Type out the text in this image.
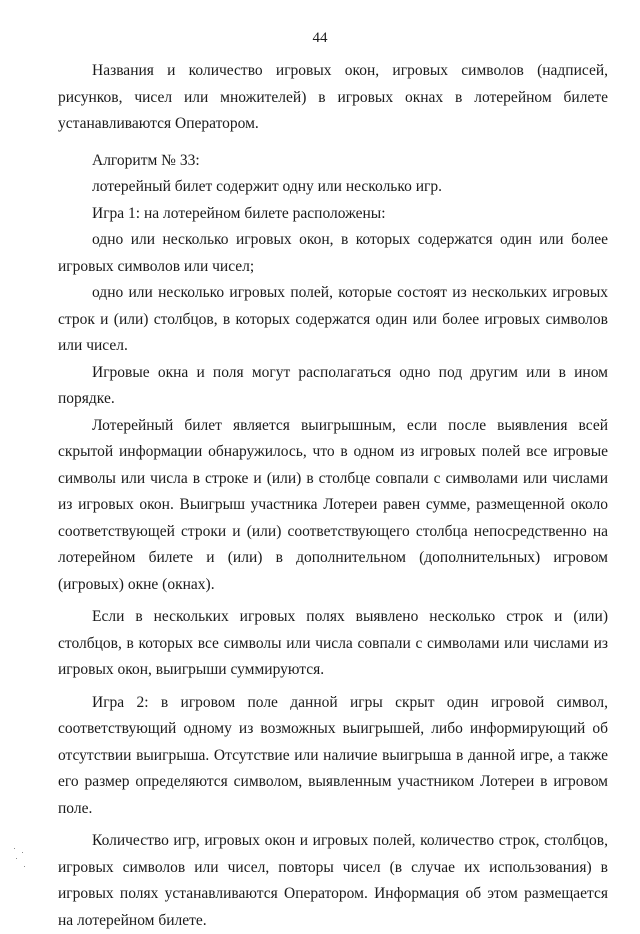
44

Названия и количество игровых окон, игровых символов (надписей, рисунков, чисел или множителей) в игровых окнах в лотерейном билете устанавливаются Оператором.

Алгоритм № 33:

лотерейный билет содержит одну или несколько игр.

Игра 1: на лотерейном билете расположены:

одно или несколько игровых окон, в которых содержатся один или более игровых символов или чисел;

одно или несколько игровых полей, которые состоят из нескольких игровых строк и (или) столбцов, в которых содержатся один или более игровых символов или чисел.

Игровые окна и поля могут располагаться одно под другим или в ином порядке.

Лотерейный билет является выигрышным, если после выявления всей скрытой информации обнаружилось, что в одном из игровых полей все игровые символы или числа в строке и (или) в столбце совпали с символами или числами из игровых окон. Выигрыш участника Лотереи равен сумме, размещенной около соответствующей строки и (или) соответствующего столбца непосредственно на лотерейном билете и (или) в дополнительном (дополнительных) игровом (игровых) окне (окнах).

Если в нескольких игровых полях выявлено несколько строк и (или) столбцов, в которых все символы или числа совпали с символами или числами из игровых окон, выигрыши суммируются.

Игра 2: в игровом поле данной игры скрыт один игровой символ, соответствующий одному из возможных выигрышей, либо информирующий об отсутствии выигрыша. Отсутствие или наличие выигрыша в данной игре, а также его размер определяются символом, выявленным участником Лотереи в игровом поле.

Количество игр, игровых окон и игровых полей, количество строк, столбцов, игровых символов или чисел, повторы чисел (в случае их использования) в игровых полях устанавливаются Оператором. Информация об этом размещается на лотерейном билете.
